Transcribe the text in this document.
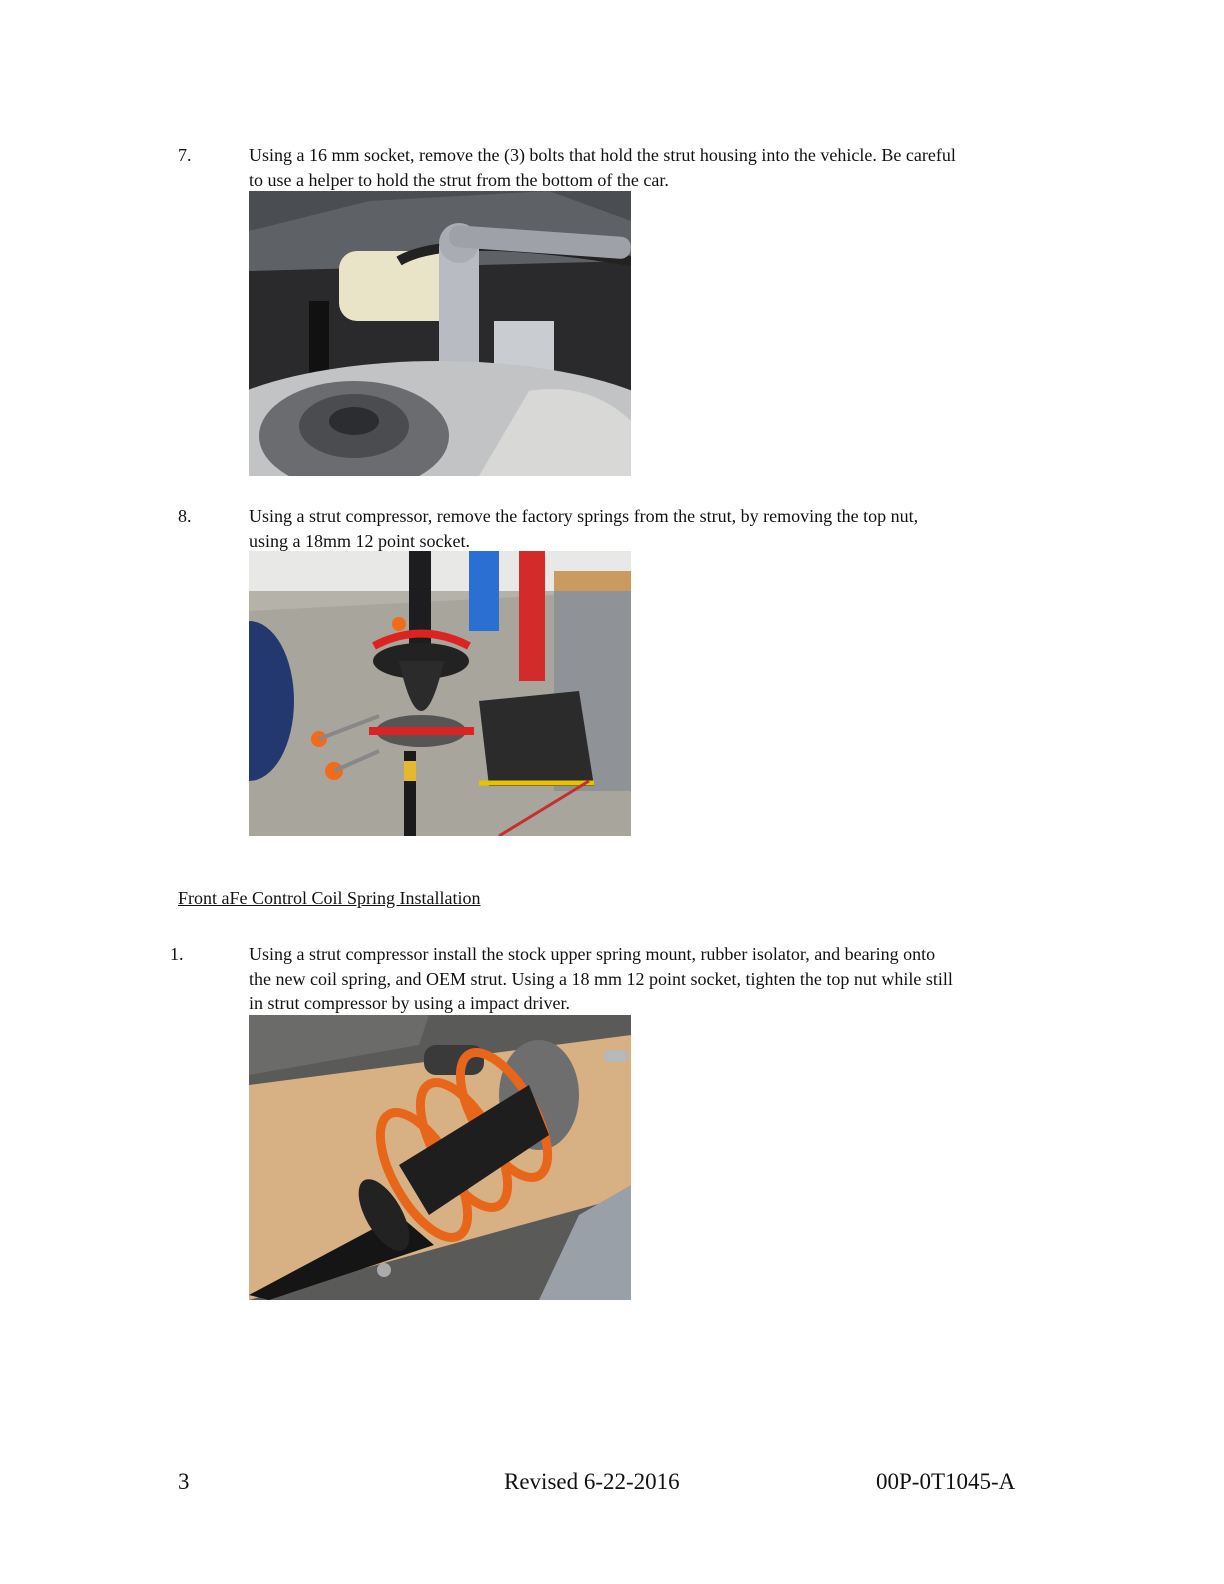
7.	Using a 16 mm socket, remove the (3) bolts that hold the strut housing into the vehicle. Be careful
to use a helper to hold the strut from the bottom of the car.
8.	Using a strut compressor, remove the factory springs from the strut, by removing the top nut,
using a 18mm 12 point socket.
Front aFe Control Coil Spring Installation
1.	Using a strut compressor install the stock upper spring mount, rubber isolator, and bearing onto
the new coil spring, and OEM strut. Using a 18 mm 12 point socket, tighten the top nut while still
in strut compressor by using a impact driver.
3	Revised 6-22-2016	00P-0T1045-A
